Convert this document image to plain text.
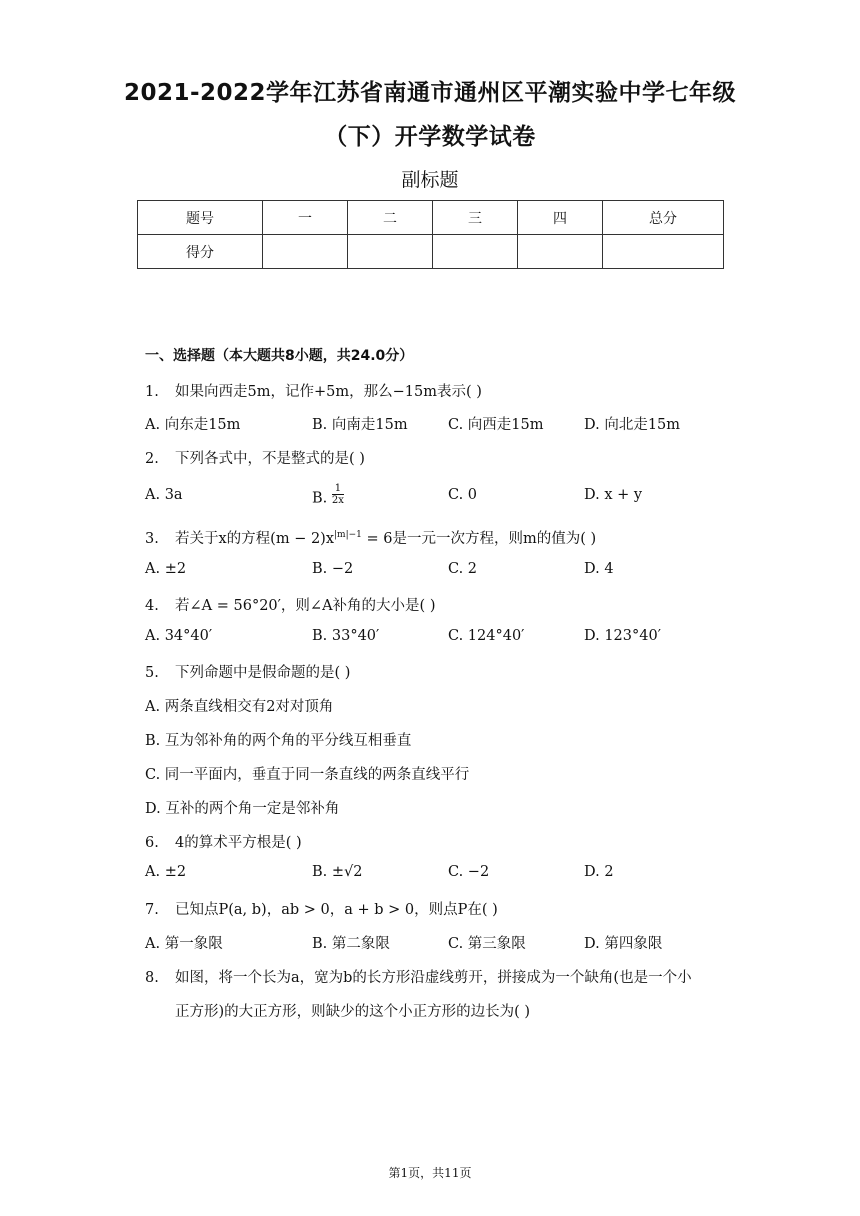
2021-2022学年江苏省南通市通州区平潮实验中学七年级
（下）开学数学试卷
副标题
题号	一	二	三	四	总分
得分					
一、选择题（本大题共8小题，共24.0分）
1. 如果向西走5m，记作+5m，那么−15m表示( )
A. 向东走15m	B. 向南走15m	C. 向西走15m	D. 向北走15m
2. 下列各式中，不是整式的是( )
A. 3a	B. $\frac{1}{2x}$	C. 0	D. x + y
3. 若关于x的方程$(m - 2)x^{|m|-1} = 6$是一元一次方程，则m的值为( )
A. ±2	B. −2	C. 2	D. 4
4. 若∠A = 56°20′，则∠A补角的大小是( )
A. 34°40′	B. 33°40′	C. 124°40′	D. 123°40′
5. 下列命题中是假命题的是( )
A. 两条直线相交有2对对顶角
B. 互为邻补角的两个角的平分线互相垂直
C. 同一平面内，垂直于同一条直线的两条直线平行
D. 互补的两个角一定是邻补角
6. 4的算术平方根是( )
A. ±2	B. ±√2	C. −2	D. 2
7. 已知点P(a, b)，ab > 0，a + b > 0，则点P在( )
A. 第一象限	B. 第二象限	C. 第三象限	D. 第四象限
8. 如图，将一个长为a，宽为b的长方形沿虚线剪开，拼接成为一个缺角(也是一个小
正方形)的大正方形，则缺少的这个小正方形的边长为( )
第1页，共11页
